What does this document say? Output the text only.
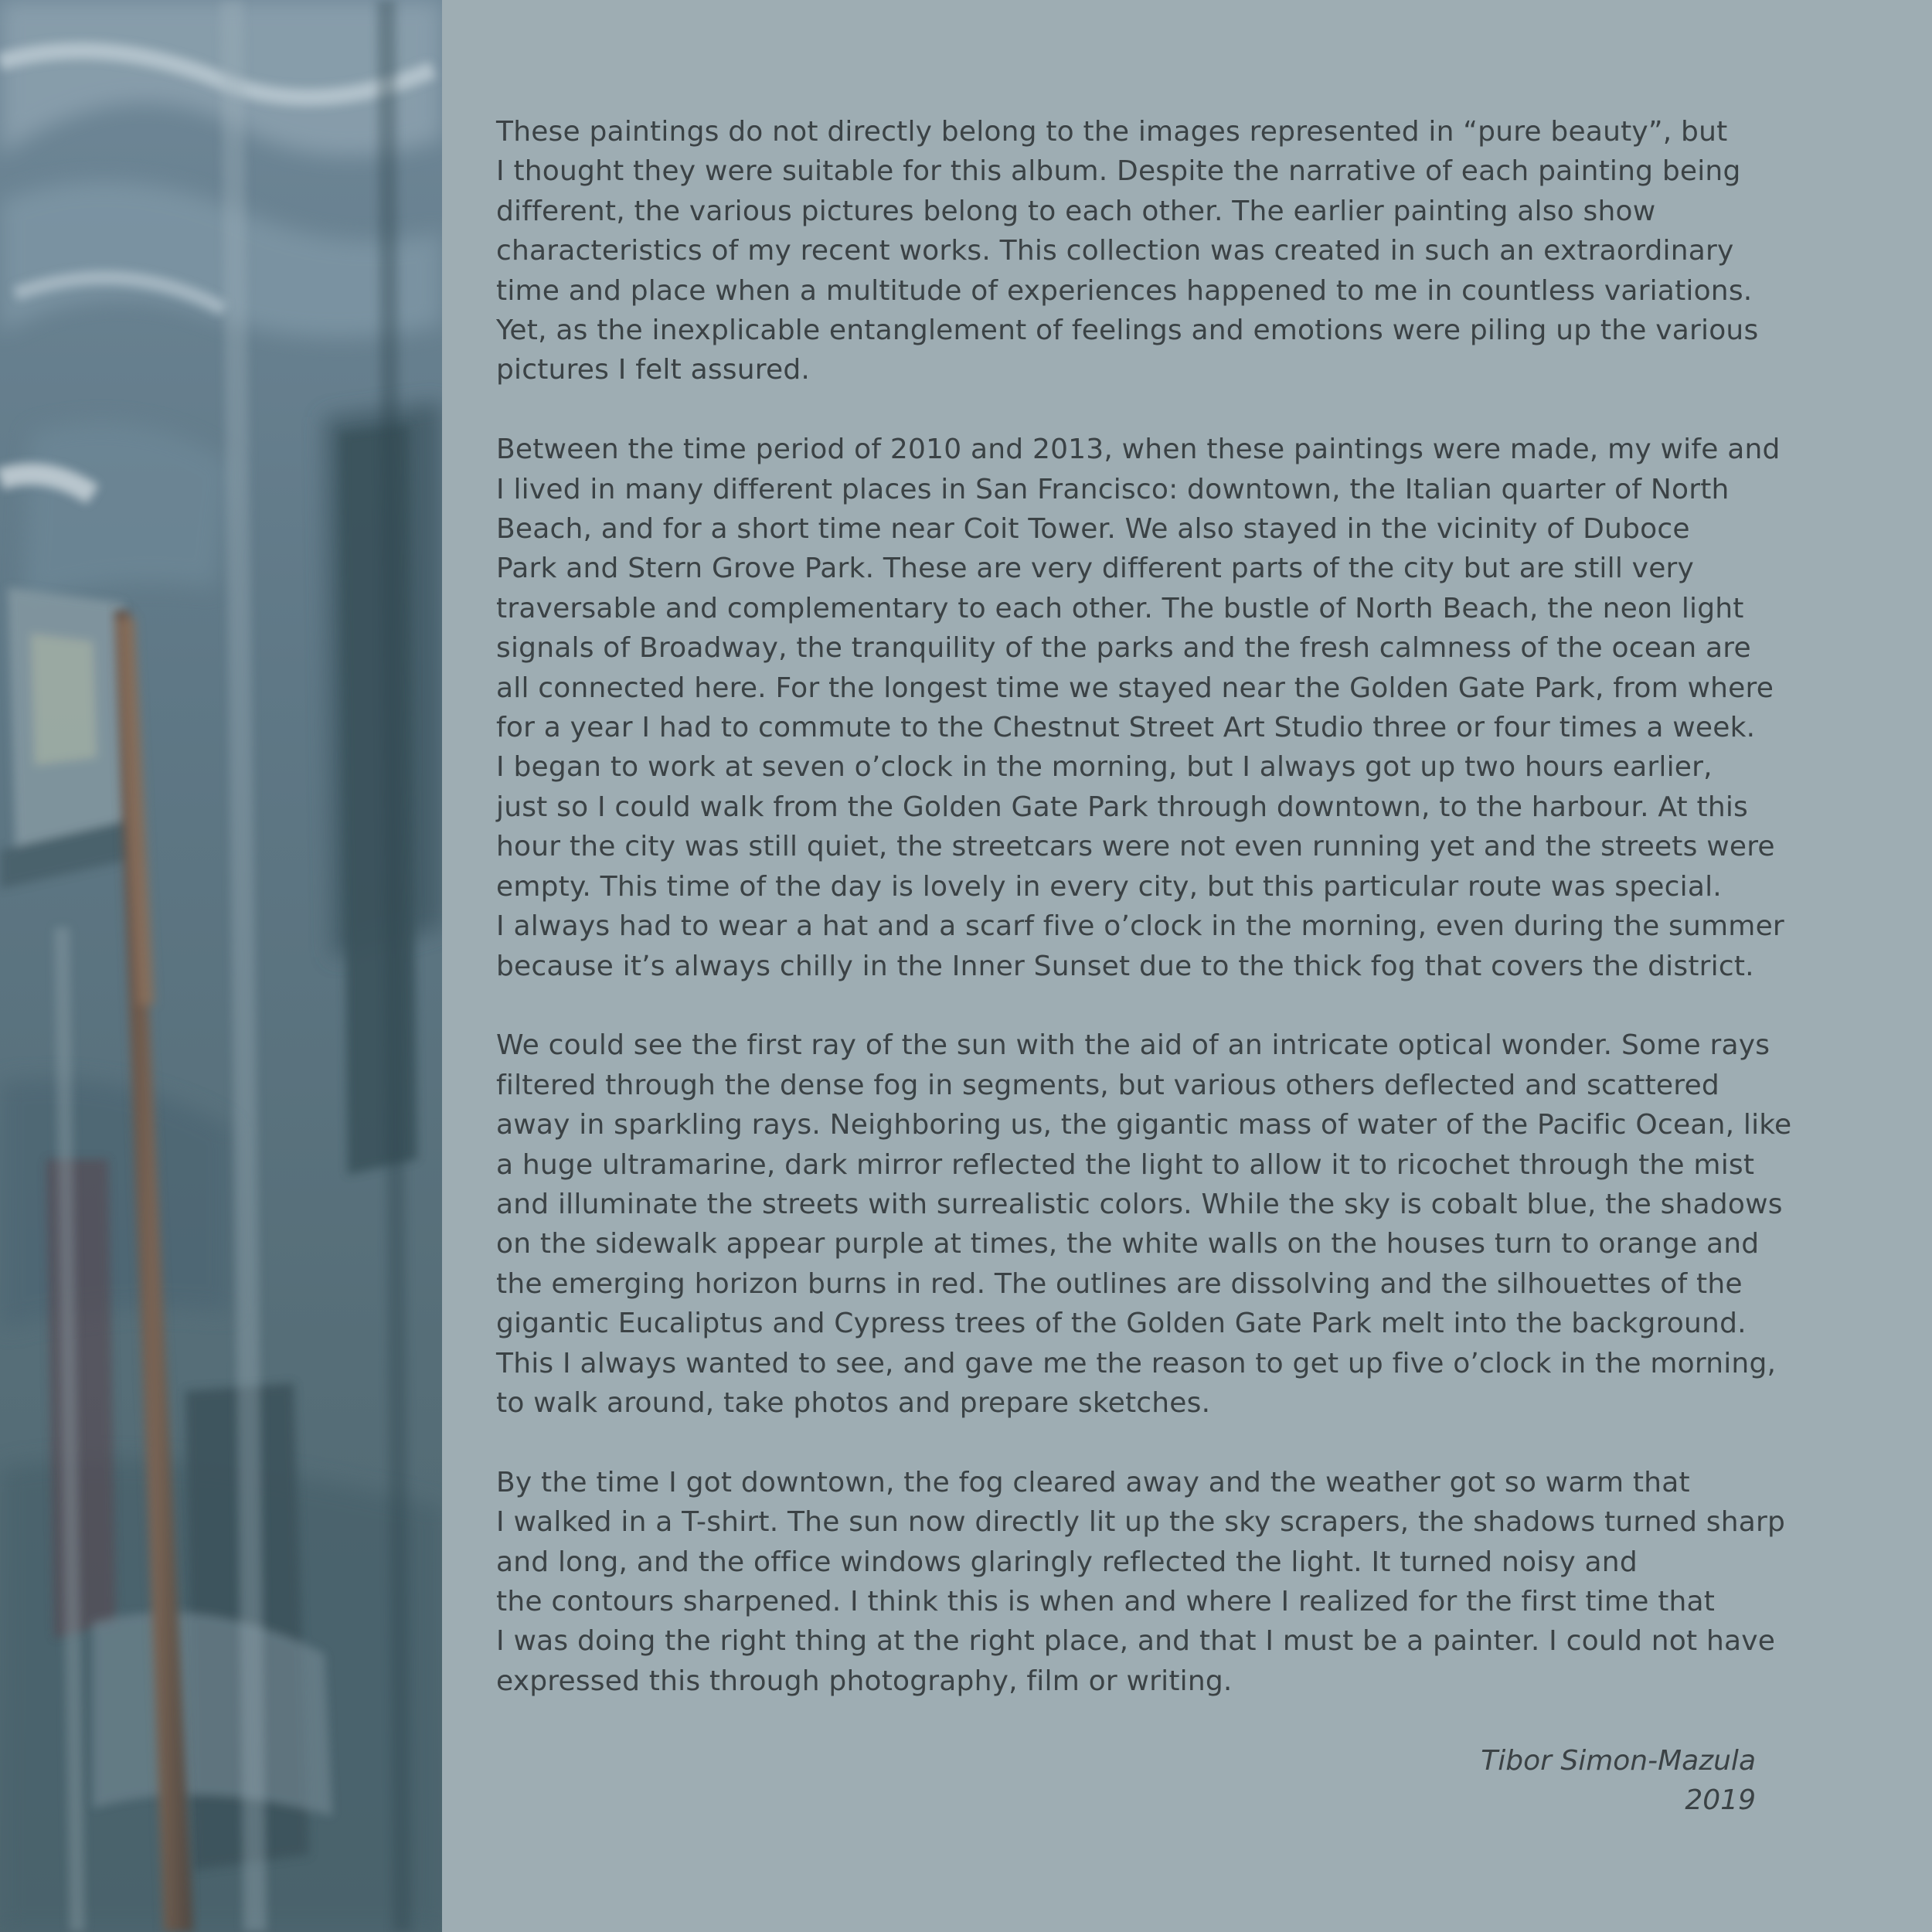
These paintings do not directly belong to the images represented in “pure beauty”, but
I thought they were suitable for this album. Despite the narrative of each painting being
different, the various pictures belong to each other. The earlier painting also show
characteristics of my recent works. This collection was created in such an extraordinary
time and place when a multitude of experiences happened to me in countless variations.
Yet, as the inexplicable entanglement of feelings and emotions were piling up the various
pictures I felt assured.

Between the time period of 2010 and 2013, when these paintings were made, my wife and
I lived in many different places in San Francisco: downtown, the Italian quarter of North
Beach, and for a short time near Coit Tower. We also stayed in the vicinity of Duboce
Park and Stern Grove Park. These are very different parts of the city but are still very
traversable and complementary to each other. The bustle of North Beach, the neon light
signals of Broadway, the tranquility of the parks and the fresh calmness of the ocean are
all connected here. For the longest time we stayed near the Golden Gate Park, from where
for a year I had to commute to the Chestnut Street Art Studio three or four times a week.
I began to work at seven o’clock in the morning, but I always got up two hours earlier,
just so I could walk from the Golden Gate Park through downtown, to the harbour. At this
hour the city was still quiet, the streetcars were not even running yet and the streets were
empty. This time of the day is lovely in every city, but this particular route was special.
I always had to wear a hat and a scarf five o’clock in the morning, even during the summer
because it’s always chilly in the Inner Sunset due to the thick fog that covers the district.

We could see the first ray of the sun with the aid of an intricate optical wonder. Some rays
filtered through the dense fog in segments, but various others deflected and scattered
away in sparkling rays. Neighboring us, the gigantic mass of water of the Pacific Ocean, like
a huge ultramarine, dark mirror reflected the light to allow it to ricochet through the mist
and illuminate the streets with surrealistic colors. While the sky is cobalt blue, the shadows
on the sidewalk appear purple at times, the white walls on the houses turn to orange and
the emerging horizon burns in red. The outlines are dissolving and the silhouettes of the
gigantic Eucaliptus and Cypress trees of the Golden Gate Park melt into the background.
This I always wanted to see, and gave me the reason to get up five o’clock in the morning,
to walk around, take photos and prepare sketches.

By the time I got downtown, the fog cleared away and the weather got so warm that
I walked in a T-shirt. The sun now directly lit up the sky scrapers, the shadows turned sharp
and long, and the office windows glaringly reflected the light. It turned noisy and
the contours sharpened. I think this is when and where I realized for the first time that
I was doing the right thing at the right place, and that I must be a painter. I could not have
expressed this through photography, film or writing.

Tibor Simon-Mazula
2019
